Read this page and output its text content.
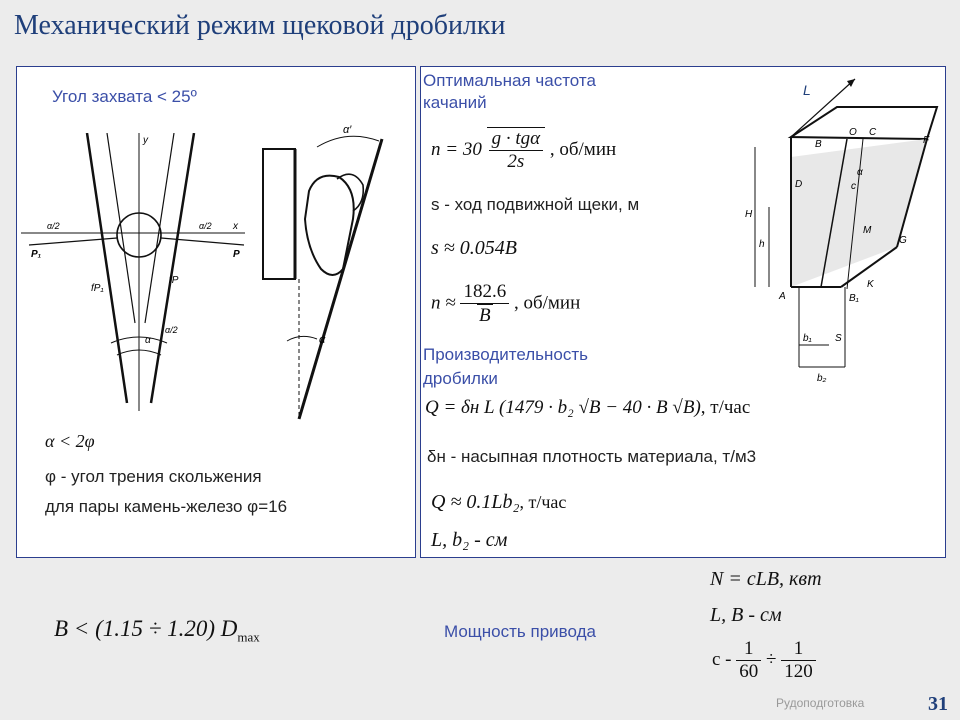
Механический режим щековой дробилки
Угол захвата < 25º
y
x
P₁	P
fP₁
fP
α/2	α/2
α/2
α
α′
α
α < 2φ
φ - угол трения скольжения
для пары камень-железо φ=16
Оптимальная частота
качаний
$n = 30 \frac{\text{g · tgα}}{2s}$ , об/мин
s - ход подвижной щеки, м
s ≈ 0.054B
$n \approx \frac{182.6}{B}$ , об/мин
Производительность
дробилки
Q = δн L (1479 · b₂ √B − 40 · B √B), т/час
δн - насыпная плотность материала, т/м3
Q ≈ 0.1Lb₂, т/час
L, b₂ - см
L
B
O C
F
D	c
α
H
h
M
G
A	B₁
K
b₁ S
b₂
B < (1.15 ÷ 1.20) $D_{max}$	Мощность привода
N = cLB, квт
L, B - см
$c - \frac{1}{60} \div \frac{1}{120}$
Рудоподготовка	31
